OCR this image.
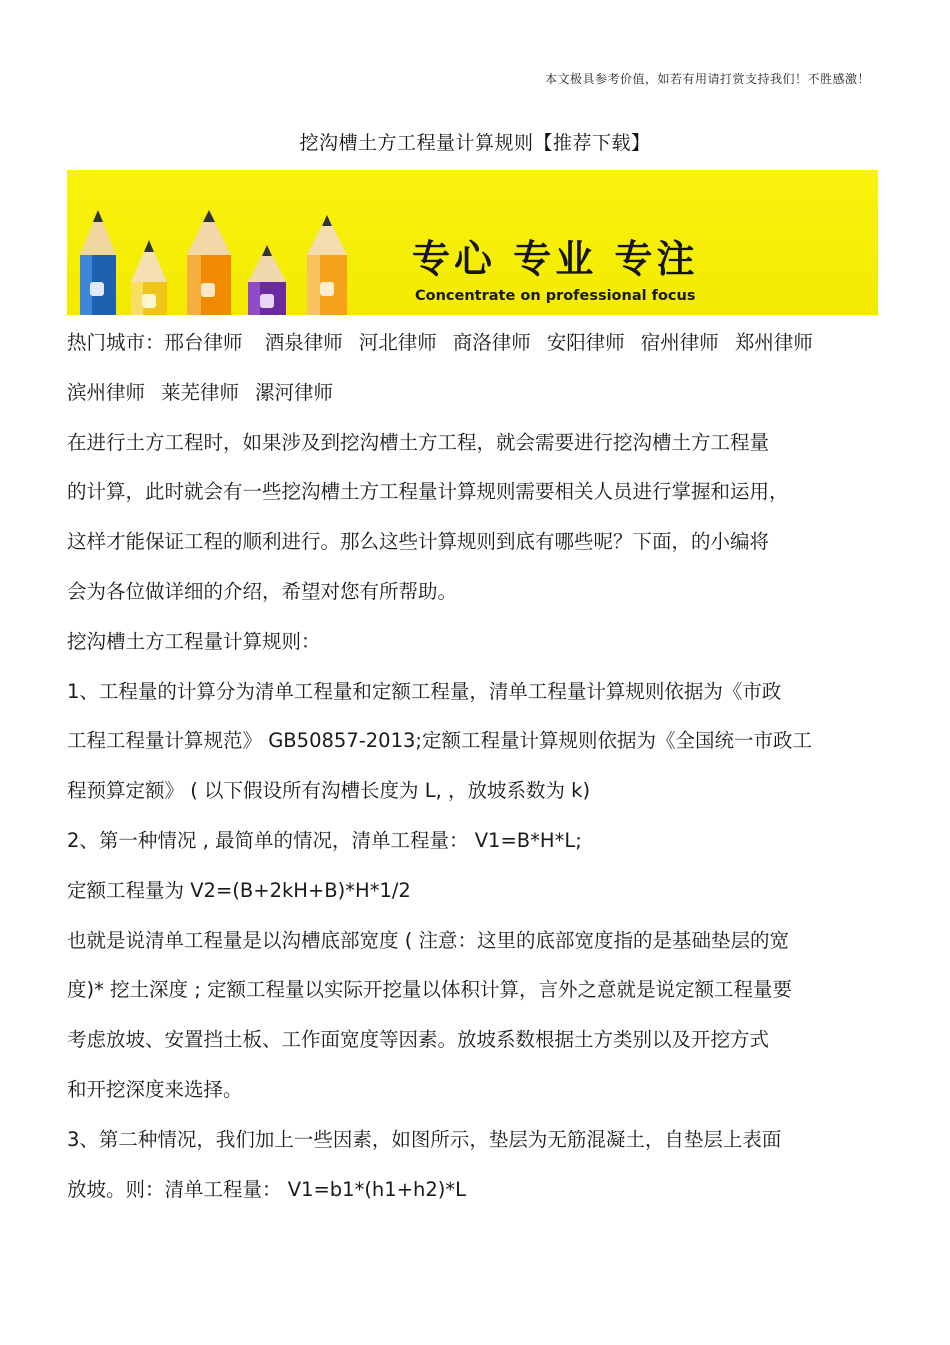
本文极具参考价值，如若有用请打赏支持我们！不胜感激！
挖沟槽土方工程量计算规则【推荐下载】
专心 专业 专注
Concentrate on professional focus
热门城市：邢台律师 酒泉律师 河北律师 商洛律师 安阳律师 宿州律师 郑州律师
滨州律师 莱芜律师 漯河律师
在进行土方工程时，如果涉及到挖沟槽土方工程，就会需要进行挖沟槽土方工程量
的计算，此时就会有一些挖沟槽土方工程量计算规则需要相关人员进行掌握和运用，
这样才能保证工程的顺利进行。那么这些计算规则到底有哪些呢？下面，的小编将
会为各位做详细的介绍，希望对您有所帮助。
挖沟槽土方工程量计算规则：
1、工程量的计算分为清单工程量和定额工程量，清单工程量计算规则依据为《市政
工程工程量计算规范》 GB50857-2013;定额工程量计算规则依据为《全国统一市政工
程预算定额》 ( 以下假设所有沟槽长度为 L, ，放坡系数为 k)
2、第一种情况 , 最简单的情况，清单工程量： V1=B*H*L;
定额工程量为 V2=(B+2kH+B)*H*1/2
也就是说清单工程量是以沟槽底部宽度 ( 注意：这里的底部宽度指的是基础垫层的宽
度)* 挖土深度 ; 定额工程量以实际开挖量以体积计算，言外之意就是说定额工程量要
考虑放坡、安置挡土板、工作面宽度等因素。放坡系数根据土方类别以及开挖方式
和开挖深度来选择。
3、第二种情况，我们加上一些因素，如图所示，垫层为无筋混凝土，自垫层上表面
放坡。则：清单工程量： V1=b1*(h1+h2)*L
